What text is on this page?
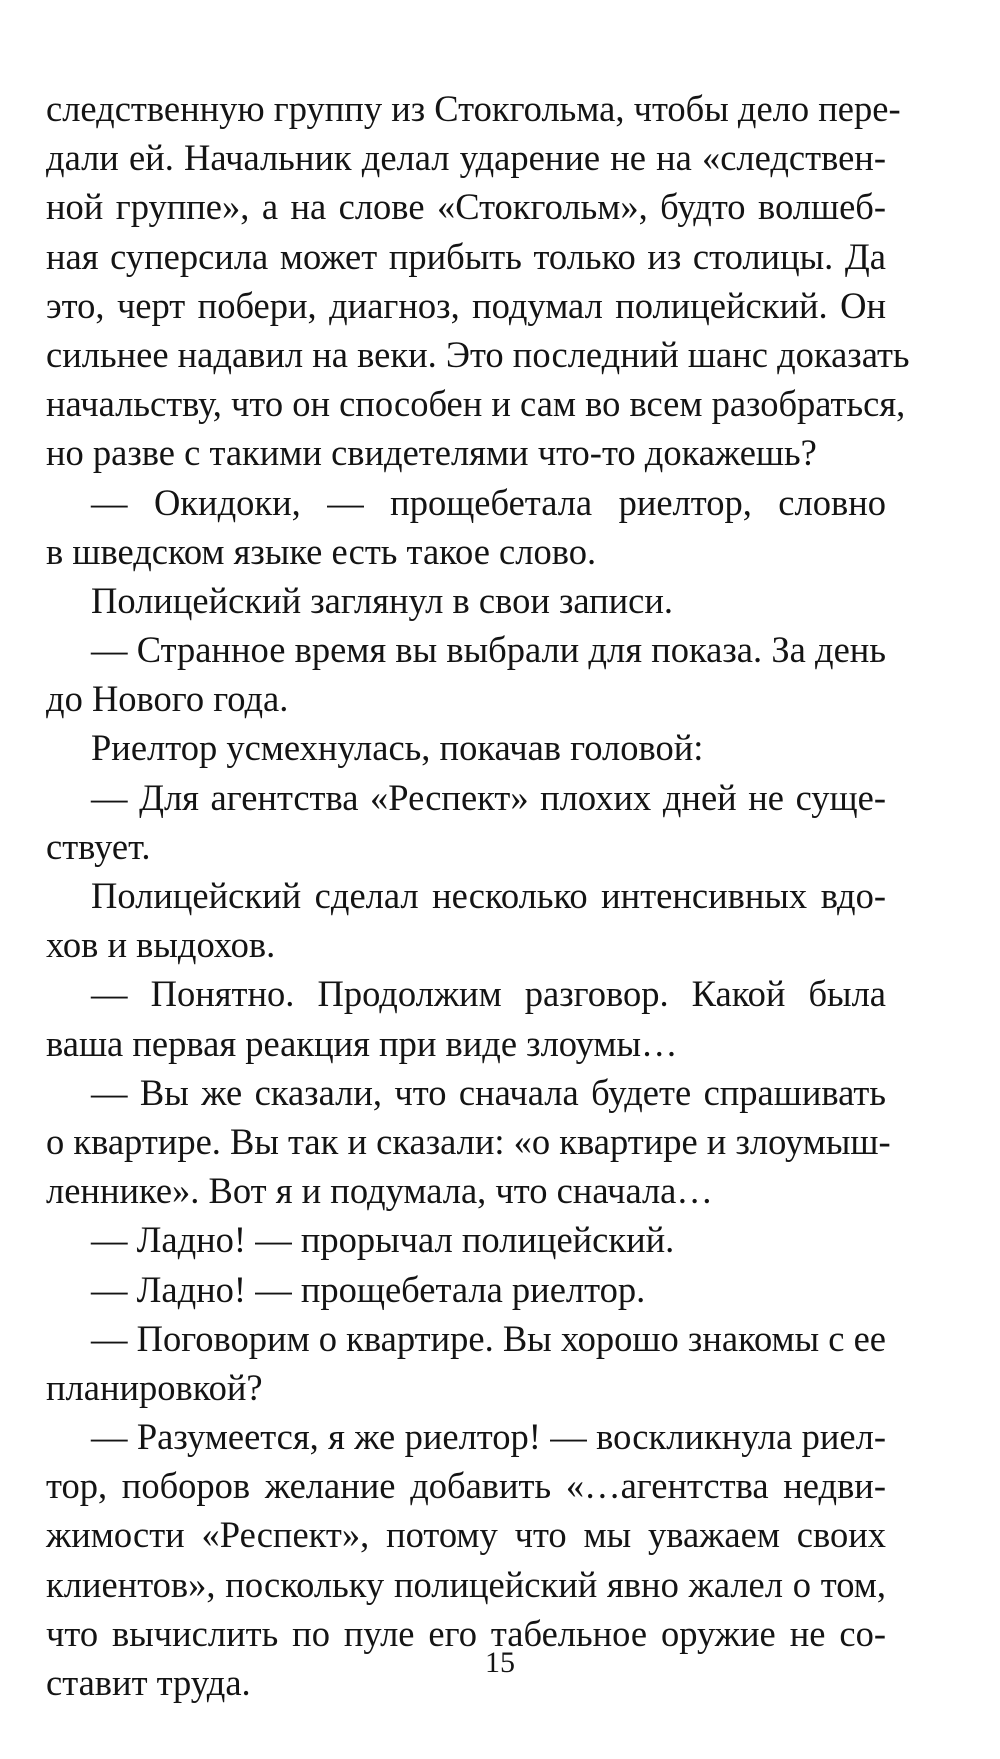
следственную группу из Стокгольма, чтобы дело пере-
дали ей. Начальник делал ударение не на «следствен-
ной группе», а на слове «Стокгольм», будто волшеб-
ная суперсила может прибыть только из столицы. Да
это, черт побери, диагноз, подумал полицейский. Он
сильнее надавил на веки. Это последний шанс доказать
начальству, что он способен и сам во всем разобраться,
но разве с такими свидетелями что-то докажешь?
— Окидоки, — прощебетала риелтор, словно
в шведском языке есть такое слово.
Полицейский заглянул в свои записи.
— Странное время вы выбрали для показа. За день
до Нового года.
Риелтор усмехнулась, покачав головой:
— Для агентства «Респект» плохих дней не суще-
ствует.
Полицейский сделал несколько интенсивных вдо-
хов и выдохов.
— Понятно. Продолжим разговор. Какой была
ваша первая реакция при виде злоумы…
— Вы же сказали, что сначала будете спрашивать
о квартире. Вы так и сказали: «о квартире и злоумыш-
леннике». Вот я и подумала, что сначала…
— Ладно! — прорычал полицейский.
— Ладно! — прощебетала риелтор.
— Поговорим о квартире. Вы хорошо знакомы с ее
планировкой?
— Разумеется, я же риелтор! — воскликнула риел-
тор, поборов желание добавить «…агентства недви-
жимости «Респект», потому что мы уважаем своих
клиентов», поскольку полицейский явно жалел о том,
что вычислить по пуле его табельное оружие не со-
ставит труда.	15
